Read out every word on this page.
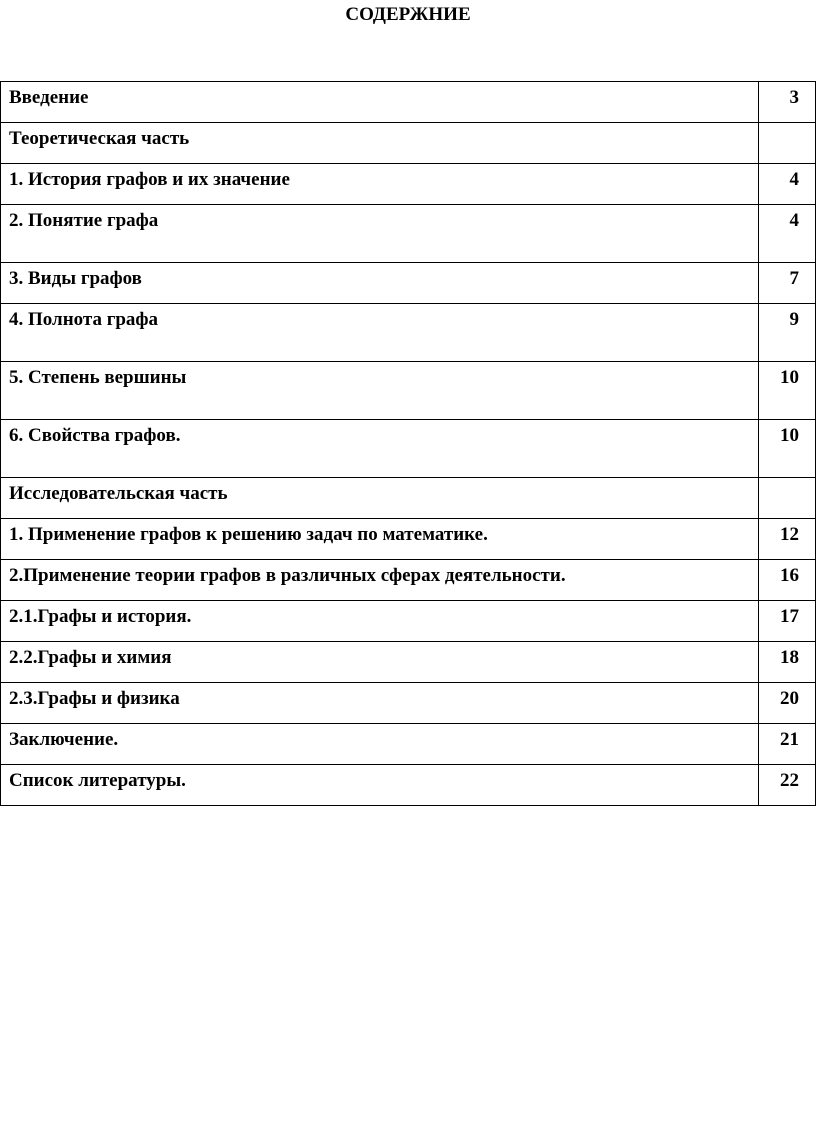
СОДЕРЖНИЕ
Введение	3
Теоретическая часть	
1. История графов и их значение	4
2. Понятие графа	4
3. Виды графов	7
4. Полнота графа	9
5. Степень вершины	10
6. Свойства графов.	10
Исследовательская часть	
1. Применение графов к решению задач по математике.	12
2.Применение теории графов в различных сферах деятельности.	16
2.1.Графы и история.	17
2.2.Графы и химия	18
2.3.Графы и физика	20
Заключение.	21
Список литературы.	22
